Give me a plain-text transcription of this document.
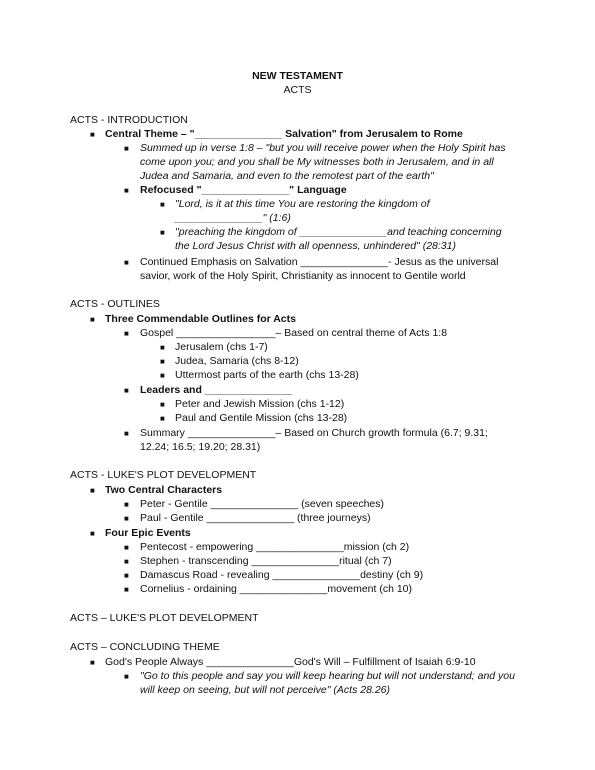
NEW TESTAMENT
ACTS
ACTS - INTRODUCTION
■ Central Theme – "_______________ Salvation" from Jerusalem to Rome
■ Summed up in verse 1:8 – "but you will receive power when the Holy Spirit has
come upon you; and you shall be My witnesses both in Jerusalem, and in all
Judea and Samaria, and even to the remotest part of the earth"
■ Refocused "_______________" Language
■ "Lord, is it at this time You are restoring the kingdom of
_______________" (1:6)
■ "preaching the kingdom of _______________and teaching concerning
the Lord Jesus Christ with all openness, unhindered" (28:31)
■ Continued Emphasis on Salvation _______________- Jesus as the universal
savior, work of the Holy Spirit, Christianity as innocent to Gentile world
ACTS - OUTLINES
■ Three Commendable Outlines for Acts
■ Gospel _________________– Based on central theme of Acts 1:8
■ Jerusalem (chs 1-7)
■ Judea, Samaria (chs 8-12)
■ Uttermost parts of the earth (chs 13-28)
■ Leaders and _______________
■ Peter and Jewish Mission (chs 1-12)
■ Paul and Gentile Mission (chs 13-28)
■ Summary _______________– Based on Church growth formula (6.7; 9.31;
12.24; 16.5; 19.20; 28.31)
ACTS - LUKE'S PLOT DEVELOPMENT
■ Two Central Characters
■ Peter - Gentile _______________ (seven speeches)
■ Paul - Gentile _______________ (three journeys)
■ Four Epic Events
■ Pentecost - empowering _______________mission (ch 2)
■ Stephen - transcending _______________ritual (ch 7)
■ Damascus Road - revealing _______________destiny (ch 9)
■ Cornelius - ordaining _______________movement (ch 10)
ACTS – LUKE'S PLOT DEVELOPMENT
ACTS – CONCLUDING THEME
■ God's People Always _______________God's Will – Fulfillment of Isaiah 6:9-10
■ "Go to this people and say you will keep hearing but will not understand; and you
will keep on seeing, but will not perceive" (Acts 28.26)
